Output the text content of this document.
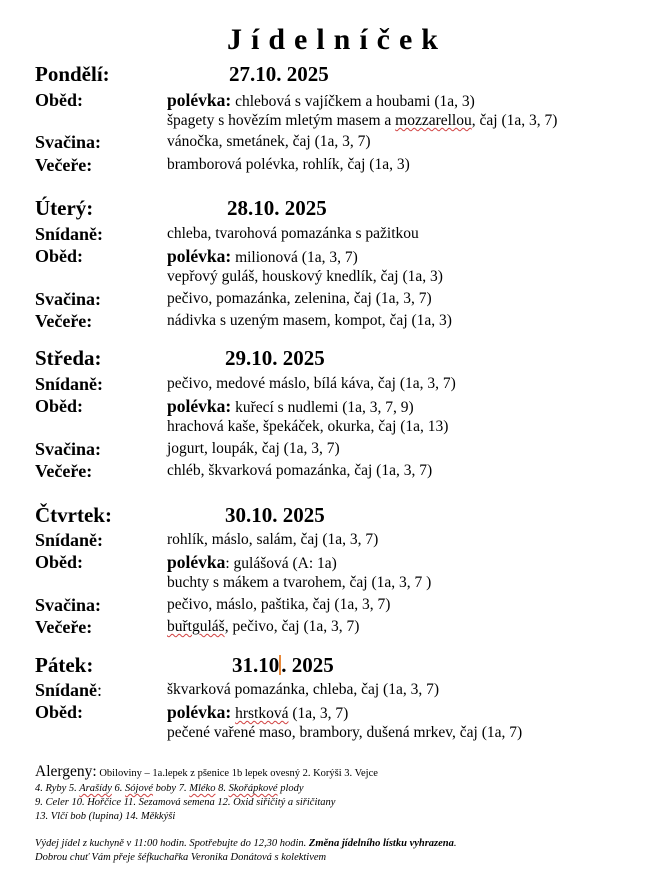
Jídelníček
Pondělí:	27.10. 2025
Oběd:	polévka: chlebová s vajíčkem a houbami (1a, 3)
špagety s hovězím mletým masem a mozzarellou, čaj (1a, 3, 7)
Svačina:	vánočka, smetánek, čaj (1a, 3, 7)
Večeře:	bramborová polévka, rohlík, čaj (1a, 3)
Úterý:	28.10. 2025
Snídaně:	chleba, tvarohová pomazánka s pažitkou
Oběd:	polévka: milionová (1a, 3, 7)
vepřový guláš, houskový knedlík, čaj (1a, 3)
Svačina:	pečivo, pomazánka, zelenina, čaj (1a, 3, 7)
Večeře:	nádivka s uzeným masem, kompot, čaj (1a, 3)
Středa:	29.10. 2025
Snídaně:	pečivo, medové máslo, bílá káva, čaj (1a, 3, 7)
Oběd:	polévka: kuřecí s nudlemi (1a, 3, 7, 9)
hrachová kaše, špekáček, okurka, čaj (1a, 13)
Svačina:	jogurt, loupák, čaj (1a, 3, 7)
Večeře:	chléb, škvarková pomazánka, čaj (1a, 3, 7)
Čtvrtek:	30.10. 2025
Snídaně:	rohlík, máslo, salám, čaj (1a, 3, 7)
Oběd:	polévka: gulášová (A: 1a)
buchty s mákem a tvarohem, čaj (1a, 3, 7 )
Svačina:	pečivo, máslo, paštika, čaj (1a, 3, 7)
Večeře:	buřtguláš, pečivo, čaj (1a, 3, 7)
Pátek:	31.10. 2025
Snídaně:	škvarková pomazánka, chleba, čaj (1a, 3, 7)
Oběd:	polévka: hrstková (1a, 3, 7)
pečené vařené maso, brambory, dušená mrkev, čaj (1a, 7)
Alergeny: Obiloviny – 1a.lepek z pšenice 1b lepek ovesný 2. Korýši 3. Vejce
4. Ryby 5. Arašídy 6. Sójové boby 7. Mléko 8. Skořápkové plody
9. Celer 10. Hořčice 11. Sezamová semena 12. Oxid siřičitý a siřičitany
13. Vlčí bob (lupina) 14. Měkkýši
Výdej jídel z kuchyně v 11:00 hodin. Spotřebujte do 12,30 hodin. Změna jídelního lístku vyhrazena.
Dobrou chuť Vám přeje šéfkuchařka Veronika Donátová s kolektivem
